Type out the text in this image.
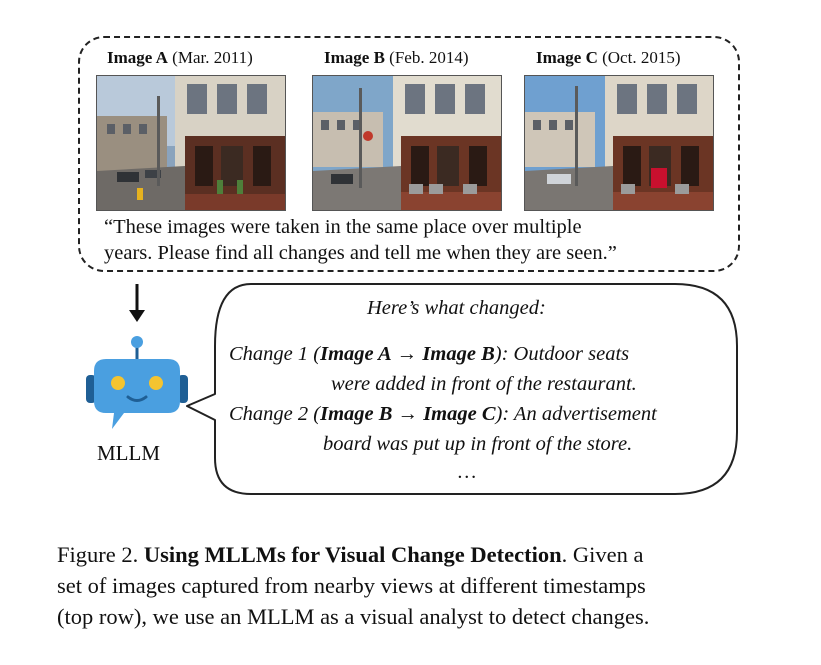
Image A (Mar. 2011)	Image B (Feb. 2014)	Image C (Oct. 2015)
“These images were taken in the same place over multiple
years. Please find all changes and tell me when they are seen.”
MLLM
Here’s what changed:
Change 1 (Image A → Image B): Outdoor seats
were added in front of the restaurant.
Change 2 (Image B → Image C): An advertisement
board was put up in front of the store.
…
Figure 2. Using MLLMs for Visual Change Detection. Given a
set of images captured from nearby views at different timestamps
(top row), we use an MLLM as a visual analyst to detect changes.
